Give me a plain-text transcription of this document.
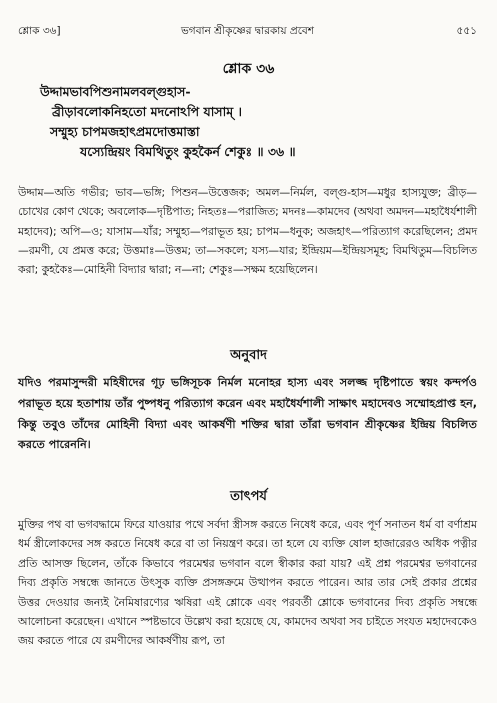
শ্লোক ৩৬]	ভগবান শ্রীকৃষ্ণের দ্বারকায় প্রবেশ	৫৫১
শ্লোক ৩৬
উদ্দামভাবপিশুনামলবল্গুহাস-
ব্রীড়াবলোকনিহতো মদনোঽপি যাসাম্ ।
সম্মুহ্য চাপমজহাৎপ্রমদোত্তমাস্তা
যস্যেন্দ্রিয়ং বিমথিতুং কুহকৈর্ন শেকুঃ ॥ ৩৬ ॥
উদ্দাম—অতি গভীর; ভাব—ভঙ্গি; পিশুন—উত্তেজক; অমল—নির্মল, বল্গু-হাস—মধুর হাস্যযুক্ত; ব্রীড়—চোখের কোণ থেকে; অবলোক—দৃষ্টিপাত; নিহতঃ—পরাজিত; মদনঃ—কামদেব (অথবা অমদন—মহাধৈর্যশালী মহাদেব); অপি—ও; যাসাম—যাঁর; সম্মুহ্য—পরাভূত হয়; চাপম—ধনুক; অজহাৎ—পরিত্যাগ করেছিলেন; প্রমদ—রমণী, যে প্রমত্ত করে; উত্তমাঃ—উত্তম; তা—সকলে; যস্য—যার; ইন্দ্রিয়ম—ইন্দ্রিয়সমূহ; বিমথিতুম—বিচলিত করা; কুহকৈঃ—মোহিনী বিদ্যার দ্বারা; ন—না; শেকুঃ—সক্ষম হয়েছিলেন।
অনুবাদ
যদিও পরমাসুন্দরী মহিষীদের গূঢ় ভঙ্গিসূচক নির্মল মনোহর হাস্য এবং সলজ্জ দৃষ্টিপাতে স্বয়ং কন্দর্পও পরাভূত হয়ে হতাশায় তাঁর পুষ্পধনু পরিত্যাগ করেন এবং মহাধৈর্যশালী সাক্ষাৎ মহাদেবও সম্মোহপ্রাপ্ত হন, কিন্তু তবুও তাঁদের মোহিনী বিদ্যা এবং আকর্ষণী শক্তির দ্বারা তাঁরা ভগবান শ্রীকৃষ্ণের ইন্দ্রিয় বিচলিত করতে পারেননি।
তাৎপর্য
মুক্তির পথ বা ভগবদ্ধামে ফিরে যাওয়ার পথে সর্বদা স্ত্রীসঙ্গ করতে নিষেধ করে, এবং পূর্ণ সনাতন ধর্ম বা বর্ণাশ্রম ধর্ম স্ত্রীলোকদের সঙ্গ করতে নিষেধ করে বা তা নিয়ন্ত্রণ করে। তা হলে যে ব্যক্তি ষোল হাজারেরও অধিক পত্নীর প্রতি আসক্ত ছিলেন, তাঁকে কিভাবে পরমেশ্বর ভগবান বলে স্বীকার করা যায়? এই প্রশ্ন পরমেশ্বর ভগবানের দিব্য প্রকৃতি সম্বন্ধে জানতে উৎসুক ব্যক্তি প্রসঙ্গক্রমে উত্থাপন করতে পারেন। আর তার সেই প্রকার প্রশ্নের উত্তর দেওয়ার জন্যই নৈমিষারণ্যের ঋষিরা এই শ্লোকে এবং পরবর্তী শ্লোকে ভগবানের দিব্য প্রকৃতি সম্বন্ধে আলোচনা করেছেন। এখানে স্পষ্টভাবে উল্লেখ করা হয়েছে যে, কামদেব অথবা সব চাইতে সংযত মহাদেবকেও জয় করতে পারে যে রমণীদের আকর্ষণীয় রূপ, তা
